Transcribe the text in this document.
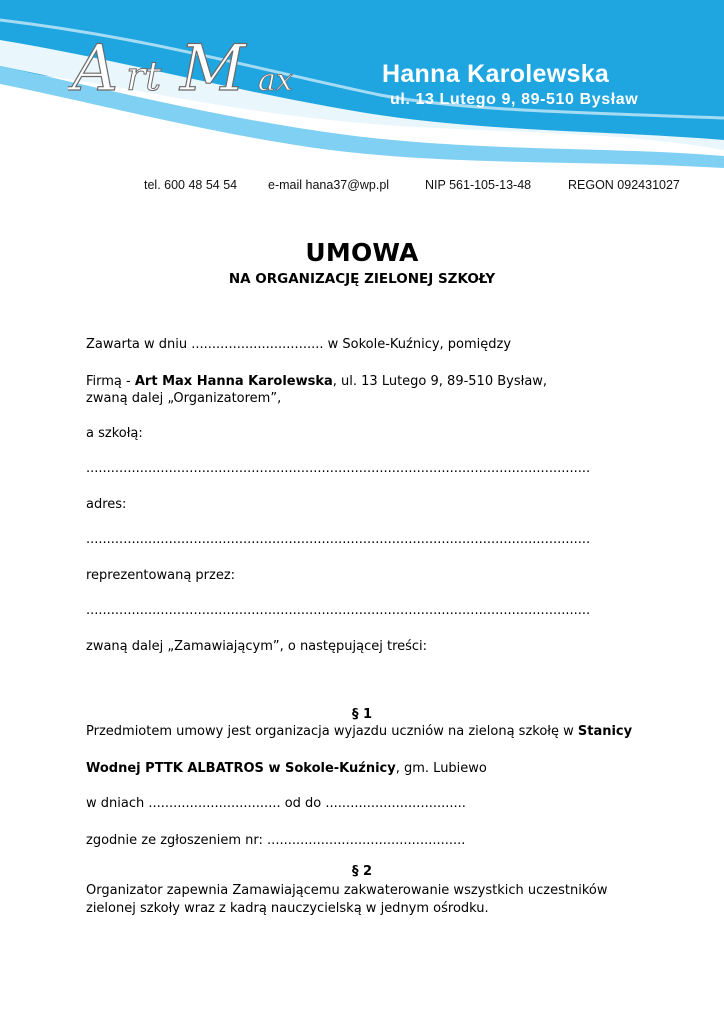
A rt M ax	Hanna Karolewska
ul. 13 Lutego 9, 89-510 Bysław
tel. 600 48 54 54 e-mail hana37@wp.pl	NIP 561-105-13-48	REGON 092431027
UMOWA
NA ORGANIZACJĘ ZIELONEJ SZKOŁY
Zawarta w dniu ................................ w Sokole-Kuźnicy, pomiędzy
Firmą - Art Max Hanna Karolewska, ul. 13 Lutego 9, 89-510 Bysław,
zwaną dalej „Organizatorem”,
a szkołą:
..........................................................................................................................
adres:
..........................................................................................................................
reprezentowaną przez:
..........................................................................................................................
zwaną dalej „Zamawiającym”, o następującej treści:
§ 1
Przedmiotem umowy jest organizacja wyjazdu uczniów na zieloną szkołę w Stanicy
Wodnej PTTK ALBATROS w Sokole-Kuźnicy, gm. Lubiewo
w dniach ................................ od do ..................................
zgodnie ze zgłoszeniem nr: ................................................
§ 2
Organizator zapewnia Zamawiającemu zakwaterowanie wszystkich uczestników
zielonej szkoły wraz z kadrą nauczycielską w jednym ośrodku.
